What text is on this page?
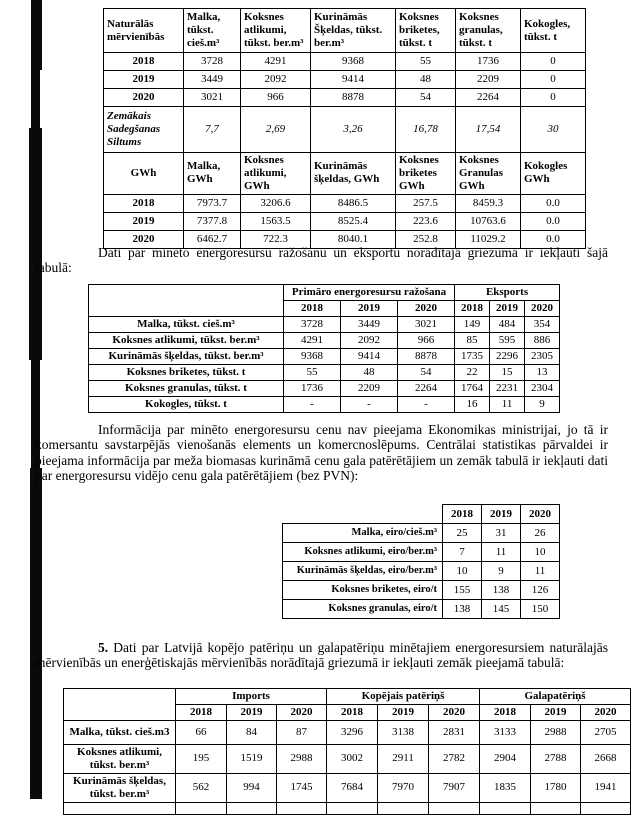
Naturālās mērvienībās	Malka, tūkst. cieš.m³	Koksnes atlikumi, tūkst. ber.m³	Kurināmās Šķeldas, tūkst. ber.m³	Koksnes briketes, tūkst. t	Koksnes granulas, tūkst. t	Kokogles, tūkst. t
2018	3728	4291	9368	55	1736	0
2019	3449	2092	9414	48	2209	0
2020	3021	966	8878	54	2264	0
Zemākais Sadegšanas Siltums	7,7	2,69	3,26	16,78	17,54	30
GWh	Malka, GWh	Koksnes atlikumi, GWh	Kurināmās šķeldas, GWh	Koksnes briketes GWh	Koksnes Granulas GWh	Kokogles GWh
2018	7973.7	3206.6	8486.5	257.5	8459.3	0.0
2019	7377.8	1563.5	8525.4	223.6	10763.6	0.0
2020	6462.7	722.3	8040.1	252.8	11029.2	0.0

Dati par minēto energoresursu ražošanu un eksportu norādītajā griezumā ir iekļauti šajā tabulā:

	Primāro energoresursu ražošana			Eksports		
	2018	2019	2020	2018	2019	2020
Malka, tūkst. cieš.m³	3728	3449	3021	149	484	354
Koksnes atlikumi, tūkst. ber.m³	4291	2092	966	85	595	886
Kurināmās šķeldas, tūkst. ber.m³	9368	9414	8878	1735	2296	2305
Koksnes briketes, tūkst. t	55	48	54	22	15	13
Koksnes granulas, tūkst. t	1736	2209	2264	1764	2231	2304
Kokogles, tūkst. t	-	-	-	16	11	9

Informācija par minēto energoresursu cenu nav pieejama Ekonomikas ministrijai, jo tā ir komersantu savstarpējās vienošanās elements un komercnoslēpums. Centrālai statistikas pārvaldei ir pieejama informācija par meža biomasas kurināmā cenu gala patērētājiem un zemāk tabulā ir iekļauti dati par energoresursu vidējo cenu gala patērētājiem (bez PVN):

	2018	2019	2020
Malka, eiro/cieš.m³	25	31	26
Koksnes atlikumi, eiro/ber.m³	7	11	10
Kurināmās šķeldas, eiro/ber.m³	10	9	11
Koksnes briketes, eiro/t	155	138	126
Koksnes granulas, eiro/t	138	145	150

5. Dati par Latvijā kopējo patēriņu un galapatēriņu minētajiem energoresursiem naturālajās mērvienībās un enerģētiskajās mērvienībās norādītajā griezumā ir iekļauti zemāk pieejamā tabulā:

	Imports			Kopējais patēriņš			Galapatēriņš		
	2018	2019	2020	2018	2019	2020	2018	2019	2020
Malka, tūkst. cieš.m3	66	84	87	3296	3138	2831	3133	2988	2705
Koksnes atlikumi, tūkst. ber.m³	195	1519	2988	3002	2911	2782	2904	2788	2668
Kurināmās šķeldas, tūkst. ber.m³	562	994	1745	7684	7970	7907	1835	1780	1941
